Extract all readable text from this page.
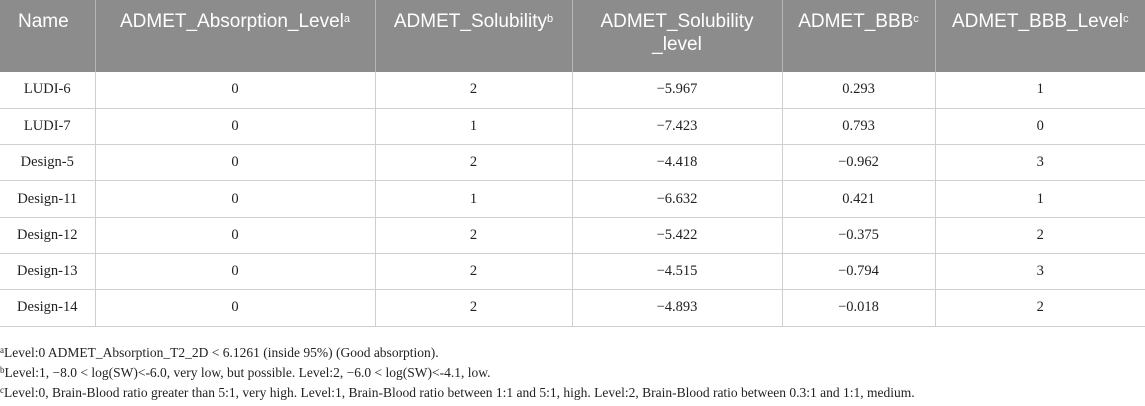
Name	ADMET_Absorption_Level$^a$	ADMET_Solubility$^b$	ADMET_Solubility _level	ADMET_BBB$^c$	ADMET_BBB_Level$^c$
LUDI-6	0	2	−5.967	0.293	1
LUDI-7	0	1	−7.423	0.793	0
Design-5	0	2	−4.418	−0.962	3
Design-11	0	1	−6.632	0.421	1
Design-12	0	2	−5.422	−0.375	2
Design-13	0	2	−4.515	−0.794	3
Design-14	0	2	−4.893	−0.018	2
$^a$Level:0 ADMET_Absorption_T2_2D < 6.1261 (inside 95%) (Good absorption).
$^b$Level:1, −8.0 < log(SW)<-6.0, very low, but possible. Level:2, −6.0 < log(SW)<-4.1, low.
$^c$Level:0, Brain-Blood ratio greater than 5:1, very high. Level:1, Brain-Blood ratio between 1:1 and 5:1, high. Level:2, Brain-Blood ratio between 0.3:1 and 1:1, medium.
